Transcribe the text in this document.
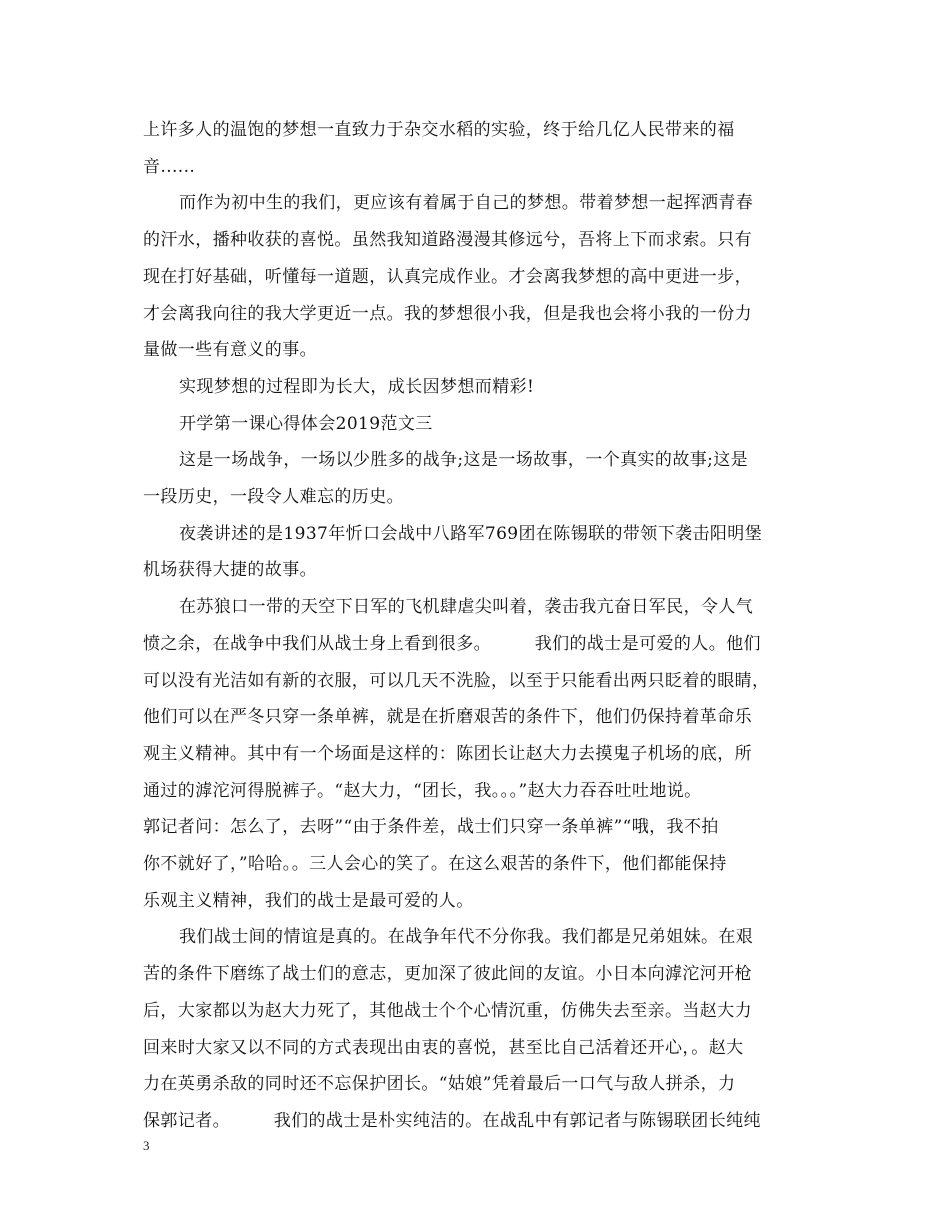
上许多人的温饱的梦想一直致力于杂交水稻的实验，终于给几亿人民带来的福

音......

而作为初中生的我们，更应该有着属于自己的梦想。带着梦想一起挥洒青春

的汗水，播种收获的喜悦。虽然我知道路漫漫其修远兮，吾将上下而求索。只有

现在打好基础，听懂每一道题，认真完成作业。才会离我梦想的高中更进一步，

才会离我向往的我大学更近一点。我的梦想很小我，但是我也会将小我的一份力

量做一些有意义的事。

实现梦想的过程即为长大，成长因梦想而精彩!

开学第一课心得体会2019范文三

这是一场战争，一场以少胜多的战争;这是一场故事，一个真实的故事;这是

一段历史，一段令人难忘的历史。

夜袭讲述的是1937年忻口会战中八路军769团在陈锡联的带领下袭击阳明堡

机场获得大捷的故事。

在苏狼口一带的天空下日军的飞机肆虐尖叫着，袭击我亢奋日军民，令人气

愤之余，在战争中我们从战士身上看到很多。　　　我们的战士是可爱的人。他们

可以没有光洁如有新的衣服，可以几天不洗脸，以至于只能看出两只眨着的眼睛，

他们可以在严冬只穿一条单裤，就是在折磨艰苦的条件下，他们仍保持着革命乐

观主义精神。其中有一个场面是这样的：陈团长让赵大力去摸鬼子机场的底，所

通过的滹沱河得脱裤子。“赵大力，“团长，我。。。”赵大力吞吞吐吐地说。

郭记者问：怎么了，去呀”“由于条件差，战士们只穿一条单裤”“哦，我不拍

你不就好了，”哈哈。。三人会心的笑了。在这么艰苦的条件下，他们都能保持

乐观主义精神，我们的战士是最可爱的人。

我们战士间的情谊是真的。在战争年代不分你我。我们都是兄弟姐妹。在艰

苦的条件下磨练了战士们的意志，更加深了彼此间的友谊。小日本向滹沱河开枪

后，大家都以为赵大力死了，其他战士个个心情沉重，仿佛失去至亲。当赵大力

回来时大家又以不同的方式表现出由衷的喜悦，甚至比自己活着还开心，。赵大

力在英勇杀敌的同时还不忘保护团长。“姑娘”凭着最后一口气与敌人拼杀，力

保郭记者。　　　我们的战士是朴实纯洁的。在战乱中有郭记者与陈锡联团长纯纯

3
